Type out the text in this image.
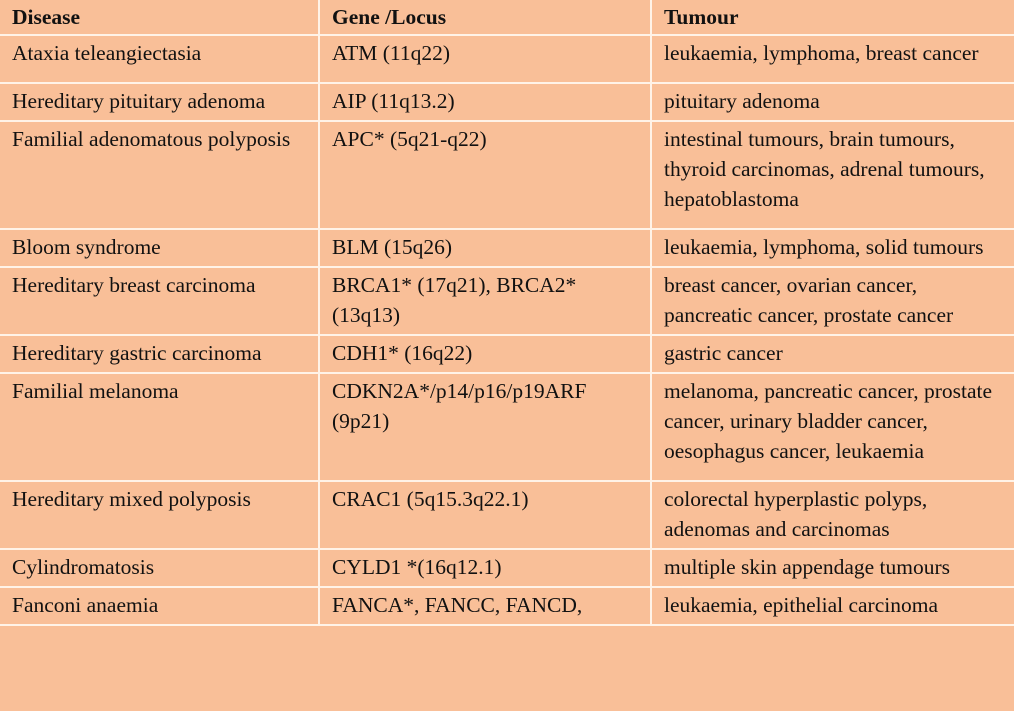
Disease	Gene /Locus	Tumour
Ataxia teleangiectasia	ATM (11q22)	leukaemia, lymphoma, breast cancer
Hereditary pituitary adenoma	AIP (11q13.2)	pituitary adenoma
Familial adenomatous polyposis	APC* (5q21-q22)	intestinal tumours, brain tumours, thyroid carcinomas, adrenal tumours, hepatoblastoma
Bloom syndrome	BLM (15q26)	leukaemia, lymphoma, solid tumours
Hereditary breast carcinoma	BRCA1* (17q21), BRCA2* (13q13)	breast cancer, ovarian cancer, pancreatic cancer, prostate cancer
Hereditary gastric carcinoma	CDH1* (16q22)	gastric cancer
Familial melanoma	CDKN2A*/p14/p16/p19ARF (9p21)	melanoma, pancreatic cancer, prostate cancer, urinary bladder cancer, oesophagus cancer, leukaemia
Hereditary mixed polyposis	CRAC1 (5q15.3q22.1)	colorectal hyperplastic polyps, adenomas and carcinomas
Cylindromatosis	CYLD1 *(16q12.1)	multiple skin appendage tumours
Fanconi anaemia	FANCA*, FANCC, FANCD,	leukaemia, epithelial carcinoma
